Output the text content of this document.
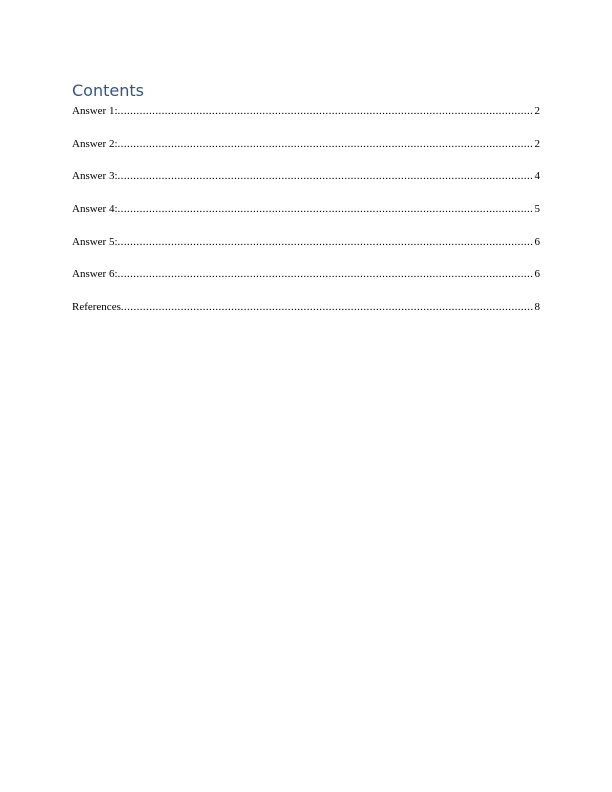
Contents
Answer 1: .....	2
Answer 2: .....	2
Answer 3: .....	4
Answer 4: .....	5
Answer 5: .....	6
Answer 6: .....	6
References .....	8
